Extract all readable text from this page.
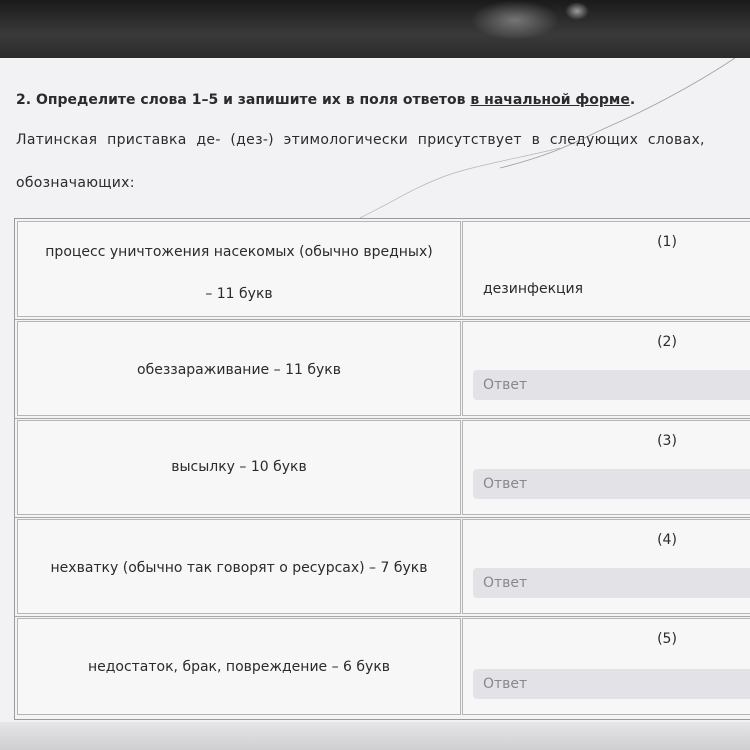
2. Определите слова 1–5 и запишите их в поля ответов в начальной форме.
Латинская приставка де- (дез-) этимологически присутствует в следующих словах,
обозначающих:
процесс уничтожения насекомых (обычно вредных)
– 11 букв
(1)
дезинфекция
обеззараживание – 11 букв
(2)
Ответ
высылку – 10 букв
(3)
Ответ
нехватку (обычно так говорят о ресурсах) – 7 букв
(4)
Ответ
недостаток, брак, повреждение – 6 букв
(5)
Ответ
